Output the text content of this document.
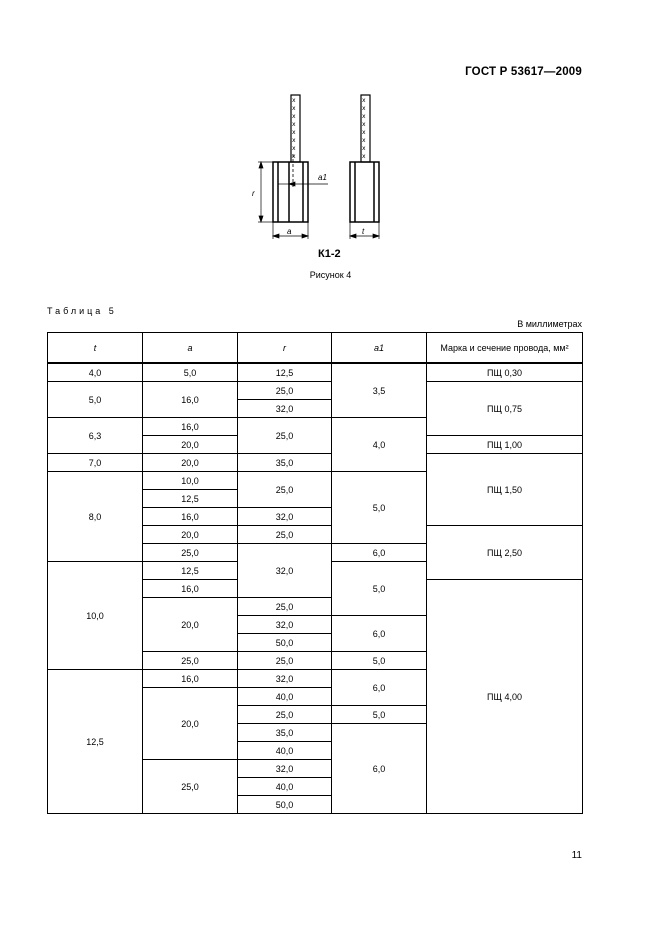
ГОСТ Р 53617—2009
х
х
х
х
х
х
х
х
r
a
a1
х
х
х
х
х
х
х
х
t
К1-2
Рисунок 4
Таблица 5
В миллиметрах
t	a	r	a1	Марка и сечение провода, мм²
4,0	5,0	12,5	3,5	ПЩ 0,30
5,0	16,0	25,0		ПЩ 0,75
		32,0		
6,3	16,0	25,0	4,0	
	20,0			ПЩ 1,00
7,0	20,0	35,0		ПЩ 1,50
8,0	10,0	25,0	5,0	
	12,5			
	16,0	32,0		
	20,0	25,0		ПЩ 2,50
	25,0	32,0	6,0	
10,0	12,5		5,0	
	16,0			ПЩ 4,00
	20,0	25,0		
		32,0	6,0	
		50,0		
	25,0	25,0	5,0	
12,5	16,0	32,0	6,0	
	20,0	40,0		
		25,0	5,0	
		35,0	6,0	
		40,0		
	25,0	32,0		
		40,0		
		50,0		
11
